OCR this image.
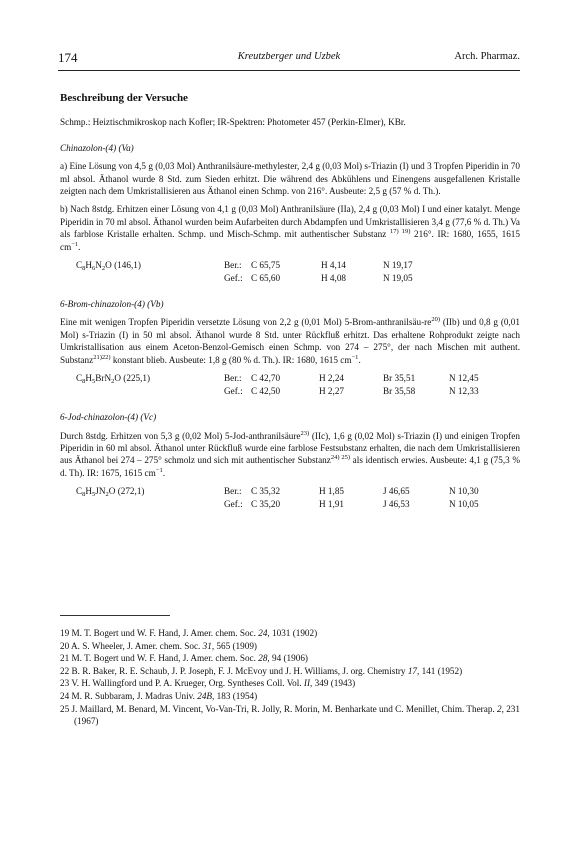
174	Kreutzberger und Uzbek	Arch. Pharmaz.
Beschreibung der Versuche

Schmp.: Heiztischmikroskop nach Kofler; IR-Spektren: Photometer 457 (Perkin-Elmer), KBr.

Chinazolon-(4) (Va)

a) Eine Lösung von 4,5 g (0,03 Mol) Anthranilsäure-methylester, 2,4 g (0,03 Mol) s-Triazin (I) und 3 Tropfen Piperidin in 70 ml absol. Äthanol wurde 8 Std. zum Sieden erhitzt. Die während des Abkühlens und Einengens ausgefallenen Kristalle zeigten nach dem Umkristallisieren aus Äthanol einen Schmp. von 216°. Ausbeute: 2,5 g (57 % d. Th.).

b) Nach 8stdg. Erhitzen einer Lösung von 4,1 g (0,03 Mol) Anthranilsäure (IIa), 2,4 g (0,03 Mol) I und einer katalyt. Menge Piperidin in 70 ml absol. Äthanol wurden beim Aufarbeiten durch Abdampfen und Umkristallisieren 3,4 g (77,6 % d. Th.) Va als farblose Kristalle erhalten. Schmp. und Misch-Schmp. mit authentischer Substanz $^{17) 19)}$ 216°. IR: 1680, 1655, 1615 $cm^{-1}$.

$C_8H_6N_2O$ (146,1)	Ber.:	C 65,75	H 4,14	N 19,17
	Gef.:	C 65,60	H 4,08	N 19,05
6-Brom-chinazolon-(4) (Vb)

Eine mit wenigen Tropfen Piperidin versetzte Lösung von 2,2 g (0,01 Mol) $5-Brom-anthranilsäu-re^{20)}$ (IIb) und 0,8 g (0,01 Mol) s-Triazin (I) in 50 ml absol. Äthanol wurde 8 Std. unter Rückfluß erhitzt. Das erhaltene Rohprodukt zeigte nach Umkristallisation aus einem Aceton-Benzol-Gemisch einen Schmp. von 274 – 275°, der nach Mischen mit authent. Substanz$^{21)22)}$ konstant blieb. Ausbeute: 1,8 g (80 % d. Th.). IR: 1680, 1615 $cm^{-1}$.

$C_8H_5BrN_2O$ (225,1)	Ber.:	C 42,70	H 2,24	Br 35,51	N 12,45
	Gef.:	C 42,50	H 2,27	Br 35,58	N 12,33
6-Jod-chinazolon-(4) (Vc)

Durch 8stdg. Erhitzen von 5,3 g (0,02 Mol) 5-Jod-anthranilsäure$^{23)}$ (IIc), 1,6 g (0,02 Mol) s-Triazin (I) und einigen Tropfen Piperidin in 60 ml absol. Äthanol unter Rückfluß wurde eine farblose Festsubstanz erhalten, die nach dem Umkristallisieren aus Äthanol bei 274 – 275° schmolz und sich mit authentischer Substanz$^{24) 25)}$ als identisch erwies. Ausbeute: 4,1 g (75,3 % d. Th). IR: 1675, 1615 $cm^{-1}$.

$C_8H_5JN_2O$ (272,1)	Ber.:	C 35,32	H 1,85	J 46,65	N 10,30
	Gef.:	C 35,20	H 1,91	J 46,53	N 10,05

19 M. T. Bogert und W. F. Hand, J. Amer. chem. Soc. 24, 1031 (1902)

20 A. S. Wheeler, J. Amer. chem. Soc. 31, 565 (1909)

21 M. T. Bogert und W. F. Hand, J. Amer. chem. Soc. 28, 94 (1906)

22 B. R. Baker, R. E. Schaub, J. P. Joseph, F. J. McEvoy und J. H. Williams, J. org. Chemistry 17, 141 (1952)

23 V. H. Wallingford und P. A. Krueger, Org. Syntheses Coll. Vol. II, 349 (1943)

24 M. R. Subbaram, J. Madras Univ. 24B, 183 (1954)

25 J. Maillard, M. Benard, M. Vincent, Vo-Van-Tri, R. Jolly, R. Morin, M. Benharkate und C. Menillet, Chim. Therap. 2, 231 (1967)
